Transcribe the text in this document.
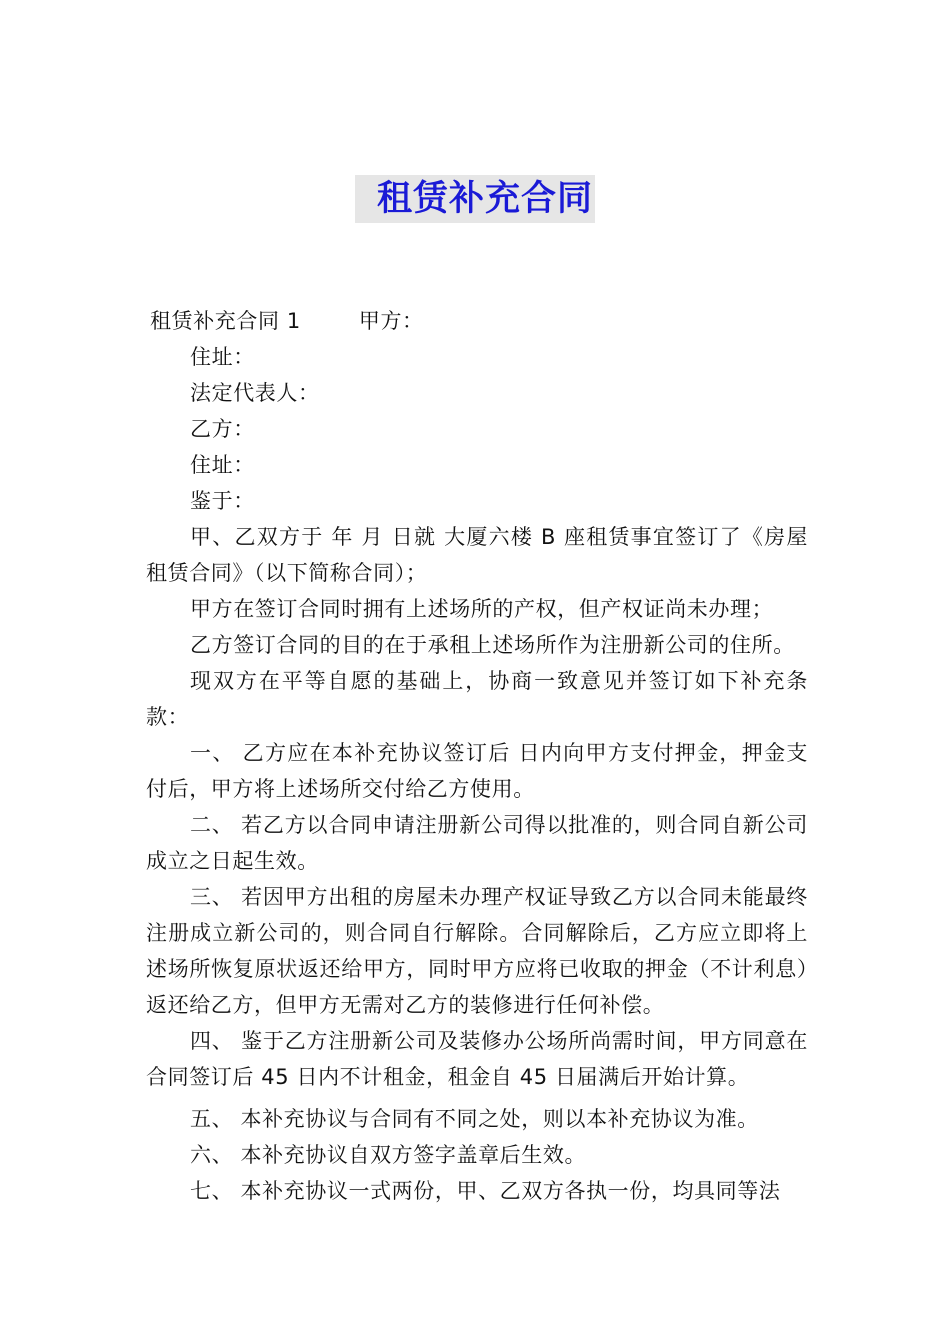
租赁补充合同
租赁补充合同 1	甲方：
住址：
法定代表人：
乙方：
住址：
鉴于：

甲、乙双方于 年 月 日就 大厦六楼 B 座租赁事宜签订了《房屋租赁合同》（以下简称合同）；

甲方在签订合同时拥有上述场所的产权，但产权证尚未办理；

乙方签订合同的目的在于承租上述场所作为注册新公司的住所。

现双方在平等自愿的基础上，协商一致意见并签订如下补充条款：

一、 乙方应在本补充协议签订后 日内向甲方支付押金，押金支付后，甲方将上述场所交付给乙方使用。

二、 若乙方以合同申请注册新公司得以批准的，则合同自新公司成立之日起生效。

三、 若因甲方出租的房屋未办理产权证导致乙方以合同未能最终注册成立新公司的，则合同自行解除。合同解除后，乙方应立即将上述场所恢复原状返还给甲方，同时甲方应将已收取的押金（不计利息）返还给乙方，但甲方无需对乙方的装修进行任何补偿。

四、 鉴于乙方注册新公司及装修办公场所尚需时间，甲方同意在合同签订后 45 日内不计租金，租金自 45 日届满后开始计算。

五、 本补充协议与合同有不同之处，则以本补充协议为准。

六、 本补充协议自双方签字盖章后生效。

七、 本补充协议一式两份，甲、乙双方各执一份，均具同等法
